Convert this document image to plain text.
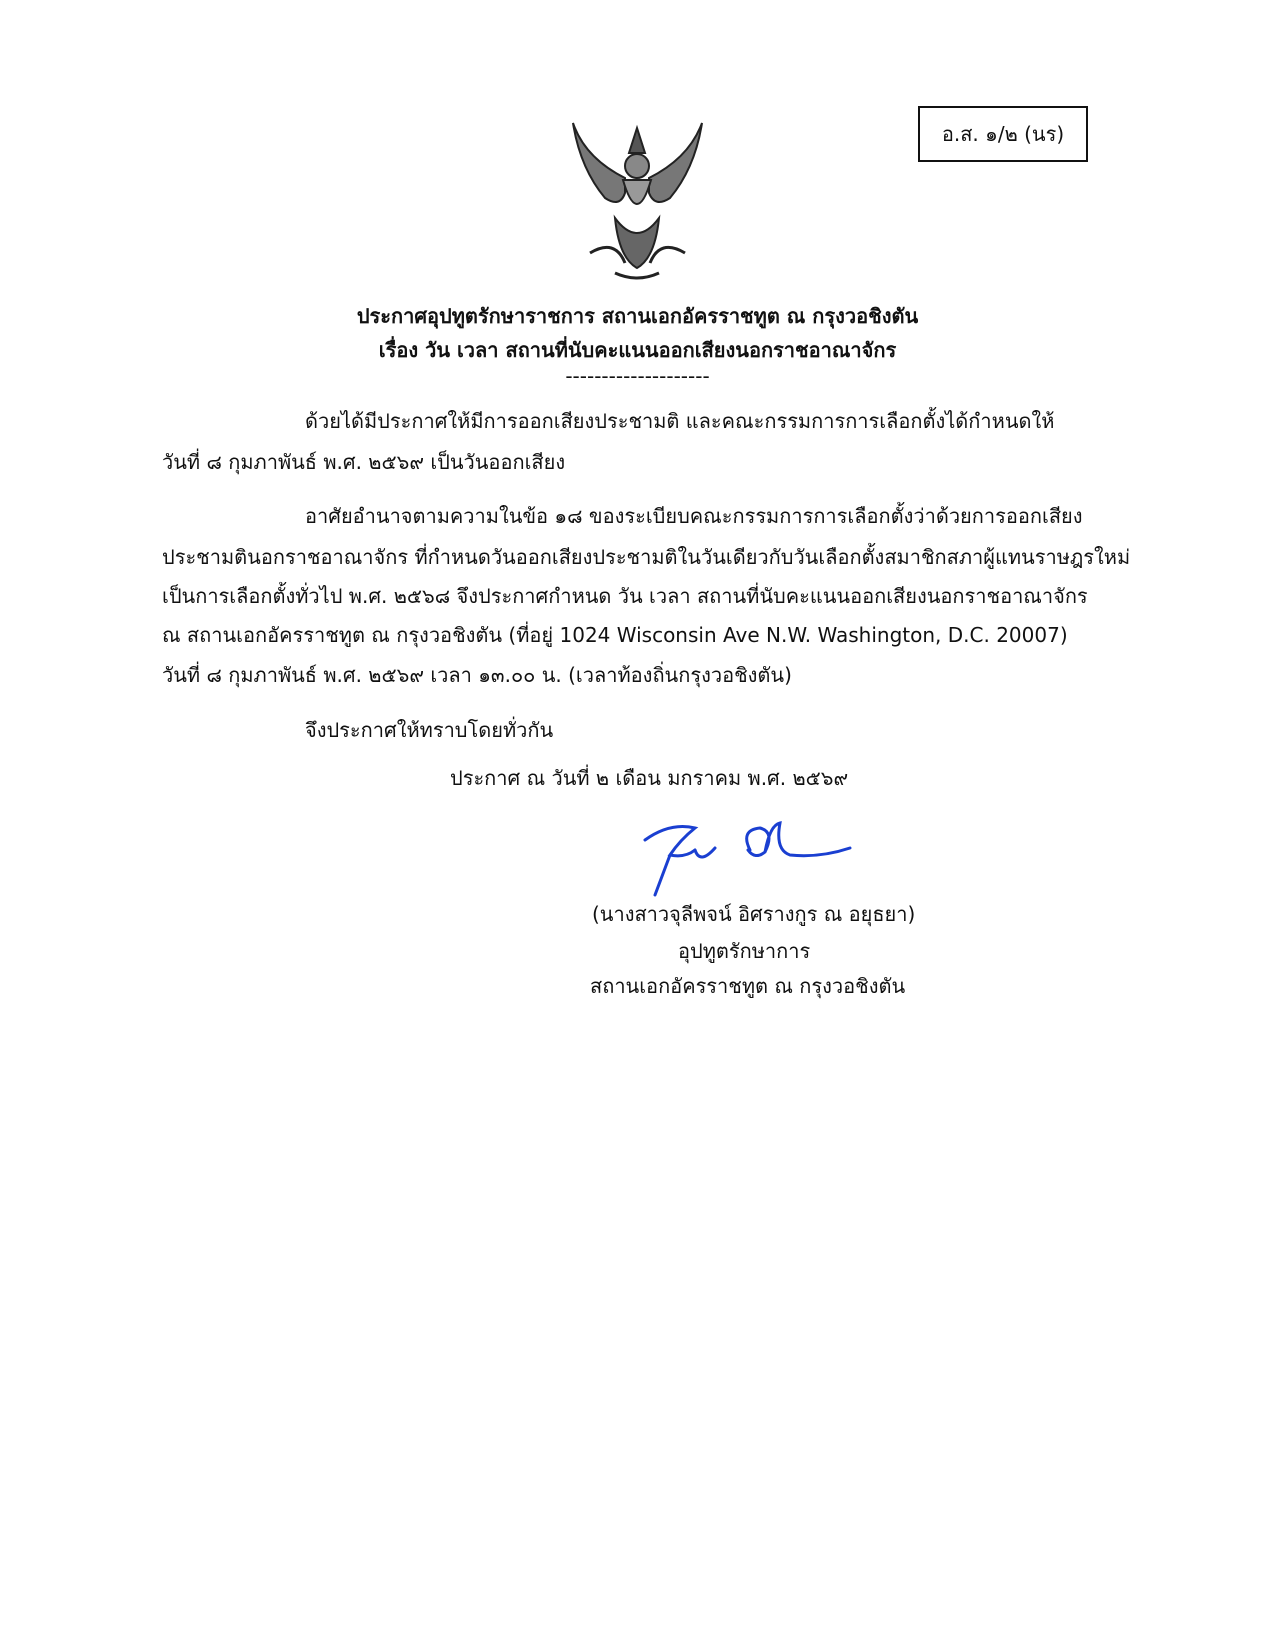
อ.ส. ๑/๒ (นร)
ประกาศอุปทูตรักษาราชการ สถานเอกอัครราชทูต ณ กรุงวอชิงตัน
เรื่อง วัน เวลา สถานที่นับคะแนนออกเสียงนอกราชอาณาจักร
--------------------
ด้วยได้มีประกาศให้มีการออกเสียงประชามติ และคณะกรรมการการเลือกตั้งได้กำหนดให้
วันที่ ๘ กุมภาพันธ์ พ.ศ. ๒๕๖๙ เป็นวันออกเสียง
อาศัยอำนาจตามความในข้อ ๑๘ ของระเบียบคณะกรรมการการเลือกตั้งว่าด้วยการออกเสียง
ประชามตินอกราชอาณาจักร ที่กำหนดวันออกเสียงประชามติในวันเดียวกับวันเลือกตั้งสมาชิกสภาผู้แทนราษฎรใหม่
เป็นการเลือกตั้งทั่วไป พ.ศ. ๒๕๖๘ จึงประกาศกำหนด วัน เวลา สถานที่นับคะแนนออกเสียงนอกราชอาณาจักร
ณ สถานเอกอัครราชทูต ณ กรุงวอชิงตัน (ที่อยู่ 1024 Wisconsin Ave N.W. Washington, D.C. 20007)
วันที่ ๘ กุมภาพันธ์ พ.ศ. ๒๕๖๙ เวลา ๑๓.๐๐ น. (เวลาท้องถิ่นกรุงวอชิงตัน)
จึงประกาศให้ทราบโดยทั่วกัน
ประกาศ ณ วันที่ ๒ เดือน มกราคม พ.ศ. ๒๕๖๙
(นางสาวจุลีพจน์ อิศรางกูร ณ อยุธยา)
อุปทูตรักษาการ
สถานเอกอัครราชทูต ณ กรุงวอชิงตัน
